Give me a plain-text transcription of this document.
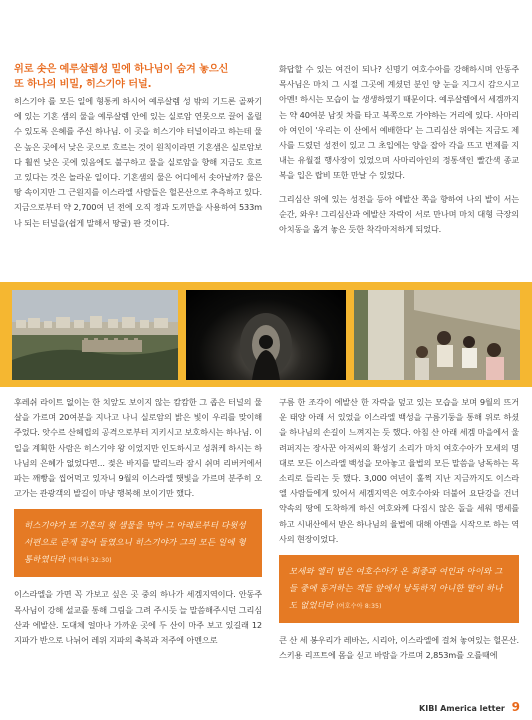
위로 솟은 예루살렘성 밑에 하나님이 숨겨 놓으신
또 하나의 비밀, 히스기야 터널.

히스기야 를 모든 일에 형통케 하시어 예루살렘 성 밖의 기드론 골짜기에 있는 기혼 샘의 물을 예루살렘 안에 있는 실로암 연못으로 끌어 올릴 수 있도록 은혜를 주신 하나님. 이 곳을 히스기야 터널이라고 하는데 물은 높은 곳에서 낮은 곳으로 흐르는 것이 원칙이라면 기혼샘은 실로암보다 훨씬 낮은 곳에 있음에도 불구하고 물을 실로암을 향해 지금도 흐르고 있다는 것은 놀라운 일이다. 기혼샘의 물은 어디에서 솟아날까? 물은 땅 속이지만 그 근원지를 이스라엘 사람들은 헐몬산으로 추측하고 있다. 지금으로부터 약 2,700여 년 전에 오직 정과 도끼만을 사용하여 533m나 되는 터널을(쉽게 말해서 땅굴) 판 것이다.

화답할 수 있는 여건이 되나? 신명기 여호수아를 강해하시며 안동주 목사님은 마치 그 시절 그곳에 계셨던 분인 양 눈을 지그시 감으시고 아멘! 하시는 모습이 늘 생생하였기 때문이다. 예루살렘에서 세겜까지는 약 40여분 남짓 차를 타고 북쪽으로 가야하는 거리에 있다. 사마리아 여인이 '우리는 이 산에서 예배한다' 는 그리심산 위에는 지금도 제사를 드렸던 성전이 있고 그 초입에는 양을 잡아 각을 뜨고 번제를 지내는 유월절 행사장이 있었으며 사마리아인의 정통색인 빨간색 종교복을 입은 랍비 또한 만날 수 있었다.

그리심산 위에 있는 성전을 등아 에발산 쪽을 향하여 나의 발이 서는 순간, 와우! 그리심산과 에발산 자락이 서로 만나며 마치 대형 극장의 아치동을 옮겨 놓은 듯한 착각마저하게 되었다.

후레쉬 라이트 없이는 한 치앞도 보이지 않는 캄캄한 그 좁은 터널의 물살을 가르며 20여분을 지나고 나니 실로암의 밝은 빛이 우리를 맞이해 주었다. 앗수르 산헤립의 공격으로부터 지키시고 보호하시는 하나님. 이 일을 계획한 사람은 히스기야 왕 이었지만 인도하시고 성취케 하시는 하나님의 은혜가 없었다면... 젖은 바지를 말리느라 잠시 쉬며 리버커에서 파는 깨빵을 씹어먹고 있자니 9월의 이스라엘 햇빛을 가르며 분주히 오고가는 관광객의 발길이 마냥 행복해 보이기만 했다.

히스기야가 또 기혼의 윗 샘물을 막아 그 아래로부터 다윗성 서편으로 곧게 끌어 들였으니 히스기야가 그의 모든 일에 형통하였더라 (역대하 32:30)

이스라엘을 가면 꼭 가보고 싶은 곳 중의 하나가 세겜지역이다. 안동주 목사님이 강해 설교를 통해 그림을 그려 주시듯 늘 말씀해주시던 그리심산과 에발산. 도대체 얼마나 가까운 곳에 두 산이 마주 보고 있길래 12지파가 반으로 나뉘어 레위 지파의 축복과 저주에 아멘으로

구름 한 조각이 에발산 한 자락을 덮고 있는 모습을 보며 9월의 뜨거운 태양 아래 서 있었을 이스라엘 백성을 구름기둥을 통해 위로 하셨을 하나님의 손길이 느껴지는 듯 했다. 아침 산 아래 세겜 마을에서 울려퍼지는 장사꾼 아저씨의 확성기 소리가 마치 여호수아가 모세의 명대로 모든 이스라엘 백성을 모아놓고 율법의 모든 말씀을 낭독하는 목소리로 들리는 듯 했다. 3,000 여년이 훌쩍 지난 지금까지도 이스라엘 사람들에게 있어서 세겜지역은 여호수아와 더불어 요단강을 건너 약속의 땅에 도착하게 하신 여호와께 다짐시 않은 돌을 세워 맹세를 하고 시내산에서 받은 하나님의 율법에 대해 아멘을 시작으로 하는 역사의 현장이었다.

모세와 엘리 범은 여호수아가 온 회중과 여인과 아이와 그들 중에 동거하는 객들 앞에서 낭독하지 아니한 말이 하나도 없었더라 (여호수아 8:35)

큰 산 세 봉우리가 레바논, 시리아, 이스라엘에 걸쳐 놓여있는 헐몬산. 스키용 리프트에 몸을 싣고 바람을 가르며 2,853m를 오를때에

KIBI America letter 9
